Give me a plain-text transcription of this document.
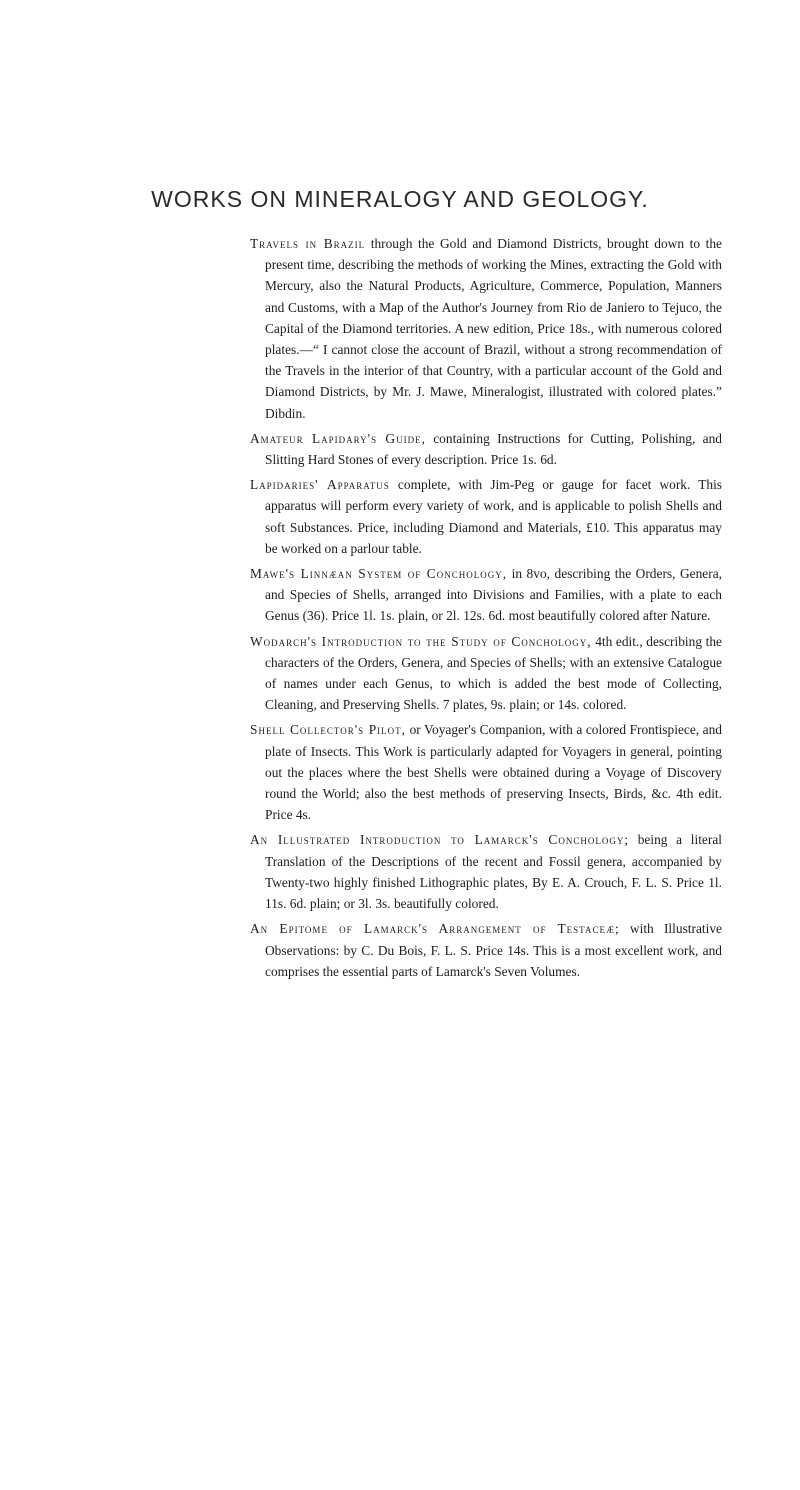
WORKS ON MINERALOGY AND GEOLOGY.

Travels in Brazil through the Gold and Diamond Districts, brought down to the present time, describing the methods of working the Mines, extracting the Gold with Mercury, also the Natural Products, Agriculture, Commerce, Population, Manners and Customs, with a Map of the Author's Journey from Rio de Janiero to Tejuco, the Capital of the Diamond territories. A new edition, Price 18s., with numerous colored plates.—“ I cannot close the account of Brazil, without a strong recommendation of the Travels in the interior of that Country, with a particular account of the Gold and Diamond Districts, by Mr. J. Mawe, Mineralogist, illustrated with colored plates.” Dibdin.

Amateur Lapidary's Guide, containing Instructions for Cutting, Polishing, and Slitting Hard Stones of every description. Price 1s. 6d.

Lapidaries' Apparatus complete, with Jim-Peg or gauge for facet work. This apparatus will perform every variety of work, and is applicable to polish Shells and soft Substances. Price, including Diamond and Materials, £10. This apparatus may be worked on a parlour table.

Mawe's Linnæan System of Conchology, in 8vo, describing the Orders, Genera, and Species of Shells, arranged into Divisions and Families, with a plate to each Genus (36). Price 1l. 1s. plain, or 2l. 12s. 6d. most beautifully colored after Nature.

Wodarch's Introduction to the Study of Conchology, 4th edit., describing the characters of the Orders, Genera, and Species of Shells; with an extensive Catalogue of names under each Genus, to which is added the best mode of Collecting, Cleaning, and Preserving Shells. 7 plates, 9s. plain; or 14s. colored.

Shell Collector's Pilot, or Voyager's Companion, with a colored Frontispiece, and plate of Insects. This Work is particularly adapted for Voyagers in general, pointing out the places where the best Shells were obtained during a Voyage of Discovery round the World; also the best methods of preserving Insects, Birds, &c. 4th edit. Price 4s.

An Illustrated Introduction to Lamarck's Conchology; being a literal Translation of the Descriptions of the recent and Fossil genera, accompanied by Twenty-two highly finished Lithographic plates, By E. A. Crouch, F. L. S. Price 1l. 11s. 6d. plain; or 3l. 3s. beautifully colored.

An Epitome of Lamarck's Arrangement of Testaceæ; with Illustrative Observations: by C. Du Bois, F. L. S. Price 14s. This is a most excellent work, and comprises the essential parts of Lamarck's Seven Volumes.
